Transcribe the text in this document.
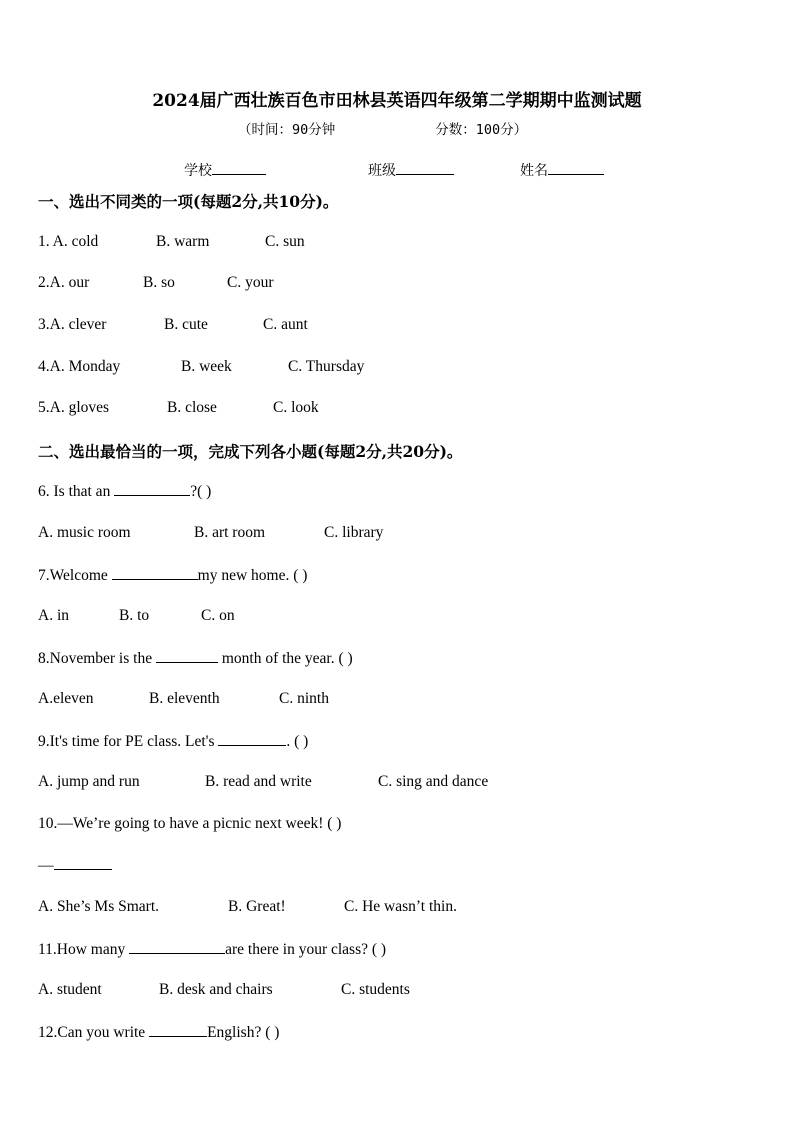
2024届广西壮族百色市田林县英语四年级第二学期期中监测试题
（时间：90分钟	分数：100分）
学校	班级	姓名
一、选出不同类的一项(每题2分,共10分)。
1. A. cold	B. warm	C. sun
2.A. our	B. so	C. your
3.A. clever	B. cute	C. aunt
4.A. Monday	B. week	C. Thursday
5.A. gloves	B. close	C. look
二、选出最恰当的一项，完成下列各小题(每题2分,共20分)。
6. Is that an	?( )
A. music room	B. art room	C. library
7.Welcome	my new home. ( )
A. in	B. to	C. on
8.November is the	month of the year. ( )
A.eleven	B. eleventh	C. ninth
9.It's time for PE class. Let's	. ( )
A. jump and run	B. read and write	C. sing and dance
10.—We’re going to have a picnic next week! ( )
—
A. She’s Ms Smart.	B. Great!	C. He wasn’t thin.
11.How many	are there in your class? ( )
A. student	B. desk and chairs	C. students
12.Can you write	English? ( )
